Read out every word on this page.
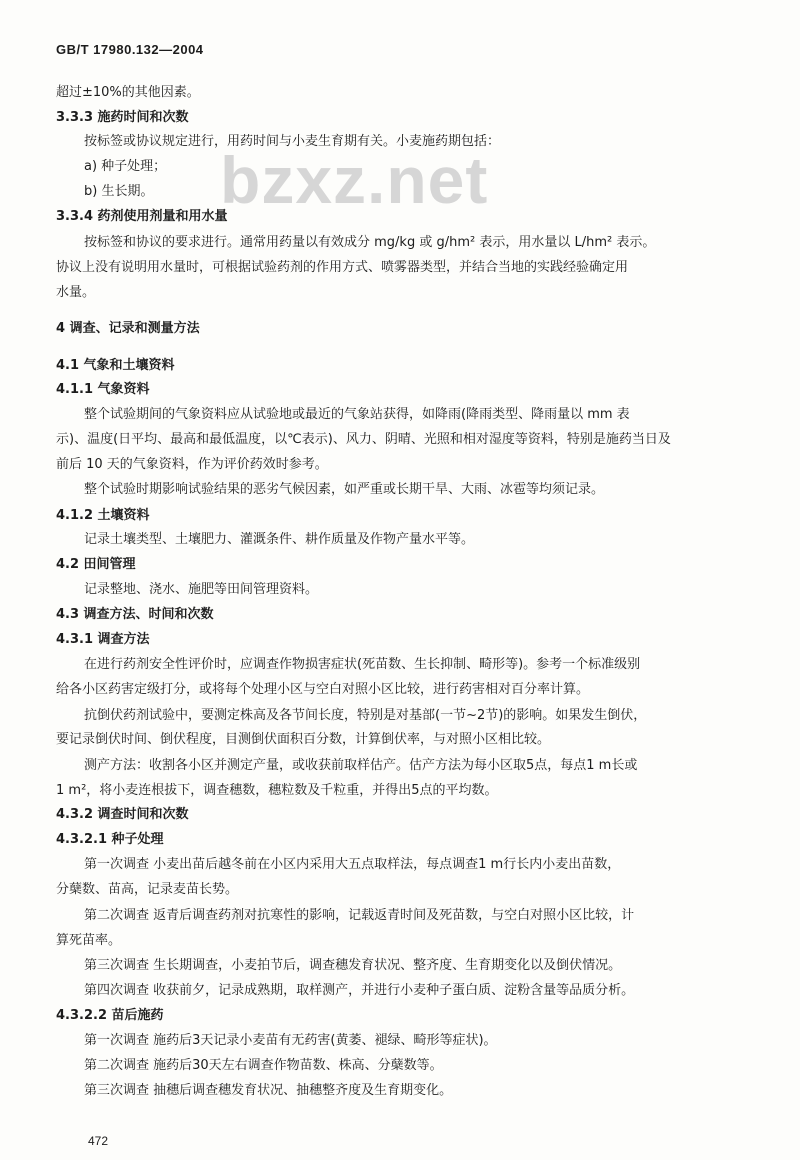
GB/T 17980.132—2004
bzxz.net
超过±10%的其他因素。
3.3.3 施药时间和次数
按标签或协议规定进行，用药时间与小麦生育期有关。小麦施药期包括：
a) 种子处理；
b) 生长期。
3.3.4 药剂使用剂量和用水量
按标签和协议的要求进行。通常用药量以有效成分 mg/kg 或 g/hm² 表示，用水量以 L/hm² 表示。
协议上没有说明用水量时，可根据试验药剂的作用方式、喷雾器类型，并结合当地的实践经验确定用
水量。
4 调查、记录和测量方法
4.1 气象和土壤资料
4.1.1 气象资料
整个试验期间的气象资料应从试验地或最近的气象站获得，如降雨(降雨类型、降雨量以 mm 表
示)、温度(日平均、最高和最低温度，以℃表示)、风力、阴晴、光照和相对湿度等资料，特别是施药当日及
前后 10 天的气象资料，作为评价药效时参考。
整个试验时期影响试验结果的恶劣气候因素，如严重或长期干旱、大雨、冰雹等均须记录。
4.1.2 土壤资料
记录土壤类型、土壤肥力、灌溉条件、耕作质量及作物产量水平等。
4.2 田间管理
记录整地、浇水、施肥等田间管理资料。
4.3 调查方法、时间和次数
4.3.1 调查方法
在进行药剂安全性评价时，应调查作物损害症状(死苗数、生长抑制、畸形等)。参考一个标准级别
给各小区药害定级打分，或将每个处理小区与空白对照小区比较，进行药害相对百分率计算。
抗倒伏药剂试验中，要测定株高及各节间长度，特别是对基部(一节~2节)的影响。如果发生倒伏，
要记录倒伏时间、倒伏程度，目测倒伏面积百分数，计算倒伏率，与对照小区相比较。
测产方法：收割各小区并测定产量，或收获前取样估产。估产方法为每小区取5点，每点1 m长或
1 m²，将小麦连根拔下，调查穗数，穗粒数及千粒重，并得出5点的平均数。
4.3.2 调查时间和次数
4.3.2.1 种子处理
第一次调查 小麦出苗后越冬前在小区内采用大五点取样法，每点调查1 m行长内小麦出苗数，
分蘖数、苗高，记录麦苗长势。
第二次调查 返青后调查药剂对抗寒性的影响，记载返青时间及死苗数，与空白对照小区比较，计
算死苗率。
第三次调查 生长期调查，小麦拍节后，调查穗发育状况、整齐度、生育期变化以及倒伏情况。
第四次调查 收获前夕，记录成熟期，取样测产，并进行小麦种子蛋白质、淀粉含量等品质分析。
4.3.2.2 苗后施药
第一次调查 施药后3天记录小麦苗有无药害(黄萎、褪绿、畸形等症状)。
第二次调查 施药后30天左右调查作物苗数、株高、分蘖数等。
第三次调查 抽穗后调查穗发育状况、抽穗整齐度及生育期变化。
472
